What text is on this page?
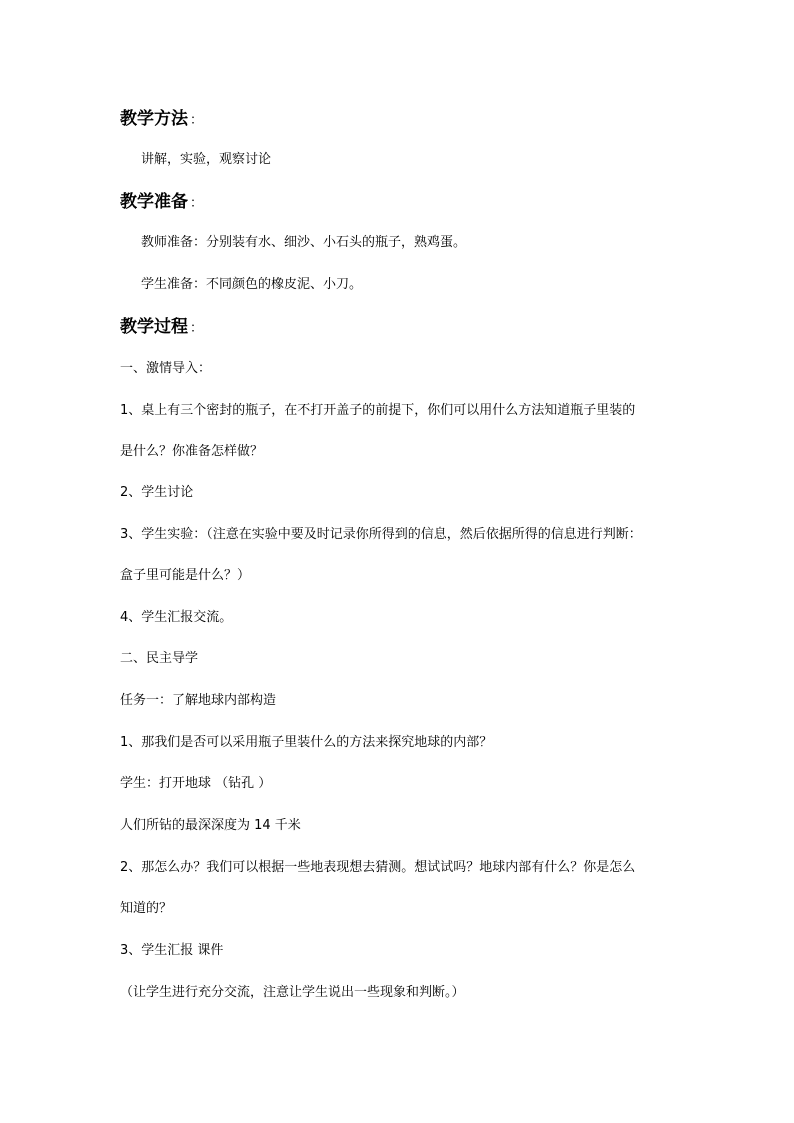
教学方法 ：
讲解，实验，观察讨论
教学准备 ：
教师准备：分别装有水、细沙、小石头的瓶子，熟鸡蛋。
学生准备：不同颜色的橡皮泥、小刀。
教学过程 ：
一、激情导入：
1、桌上有三个密封的瓶子，在不打开盖子的前提下，你们可以用什么方法知道瓶子里装的
是什么？你准备怎样做？
2、学生讨论
3、学生实验：（注意在实验中要及时记录你所得到的信息，然后依据所得的信息进行判断：
盒子里可能是什么？）
4、学生汇报交流。
二、民主导学
任务一：了解地球内部构造
1、那我们是否可以采用瓶子里装什么的方法来探究地球的内部？
学生：打开地球 （钻孔 ）
人们所钻的最深深度为 14 千米
2、那怎么办？我们可以根据一些地表现想去猜测。想试试吗？地球内部有什么？你是怎么
知道的？
3、学生汇报 课件
（让学生进行充分交流，注意让学生说出一些现象和判断。）
